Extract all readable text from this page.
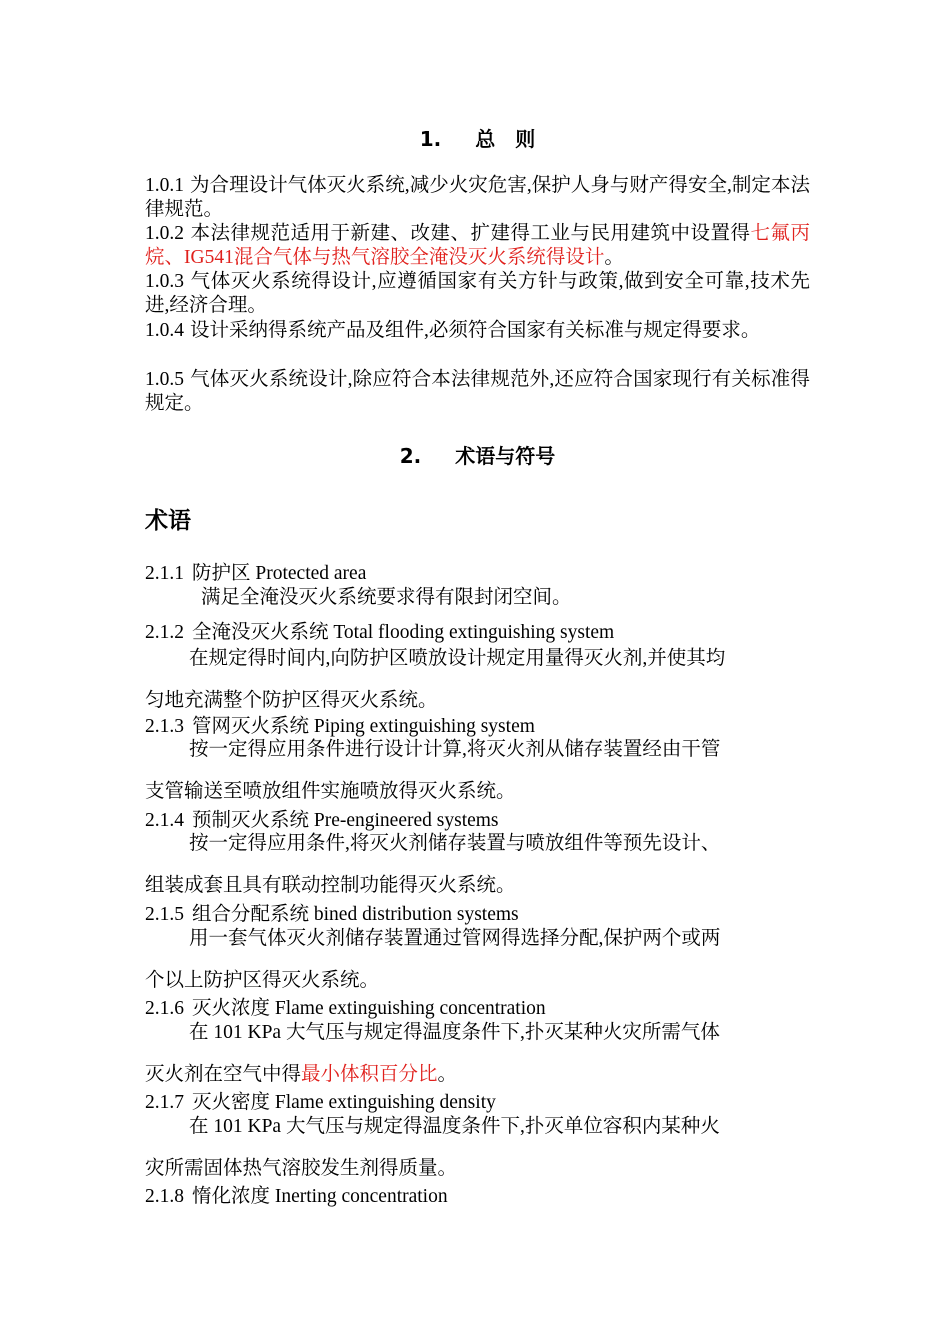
1. 总　则
1.0.1 为合理设计气体灭火系统,减少火灾危害,保护人身与财产得安全,制定本法律规范。
1.0.2 本法律规范适用于新建、改建、扩建得工业与民用建筑中设置得七氟丙烷、IG541混合气体与热气溶胶全淹没灭火系统得设计。
1.0.3 气体灭火系统得设计,应遵循国家有关方针与政策,做到安全可靠,技术先进,经济合理。
1.0.4 设计采纳得系统产品及组件,必须符合国家有关标准与规定得要求。
1.0.5 气体灭火系统设计,除应符合本法律规范外,还应符合国家现行有关标准得规定。
2. 术语与符号
术语
2.1.1 防护区 Protected area
满足全淹没灭火系统要求得有限封闭空间。
2.1.2 全淹没灭火系统 Total flooding extinguishing system
在规定得时间内,向防护区喷放设计规定用量得灭火剂,并使其均
匀地充满整个防护区得灭火系统。
2.1.3 管网灭火系统 Piping extinguishing system
按一定得应用条件进行设计计算,将灭火剂从储存装置经由干管
支管输送至喷放组件实施喷放得灭火系统。
2.1.4 预制灭火系统 Pre-engineered systems
按一定得应用条件,将灭火剂储存装置与喷放组件等预先设计、
组装成套且具有联动控制功能得灭火系统。
2.1.5 组合分配系统 bined distribution systems
用一套气体灭火剂储存装置通过管网得选择分配,保护两个或两
个以上防护区得灭火系统。
2.1.6 灭火浓度 Flame extinguishing concentration
在 101 KPa 大气压与规定得温度条件下,扑灭某种火灾所需气体
灭火剂在空气中得最小体积百分比。
2.1.7 灭火密度 Flame extinguishing density
在 101 KPa 大气压与规定得温度条件下,扑灭单位容积内某种火
灾所需固体热气溶胶发生剂得质量。
2.1.8 惰化浓度 Inerting concentration
